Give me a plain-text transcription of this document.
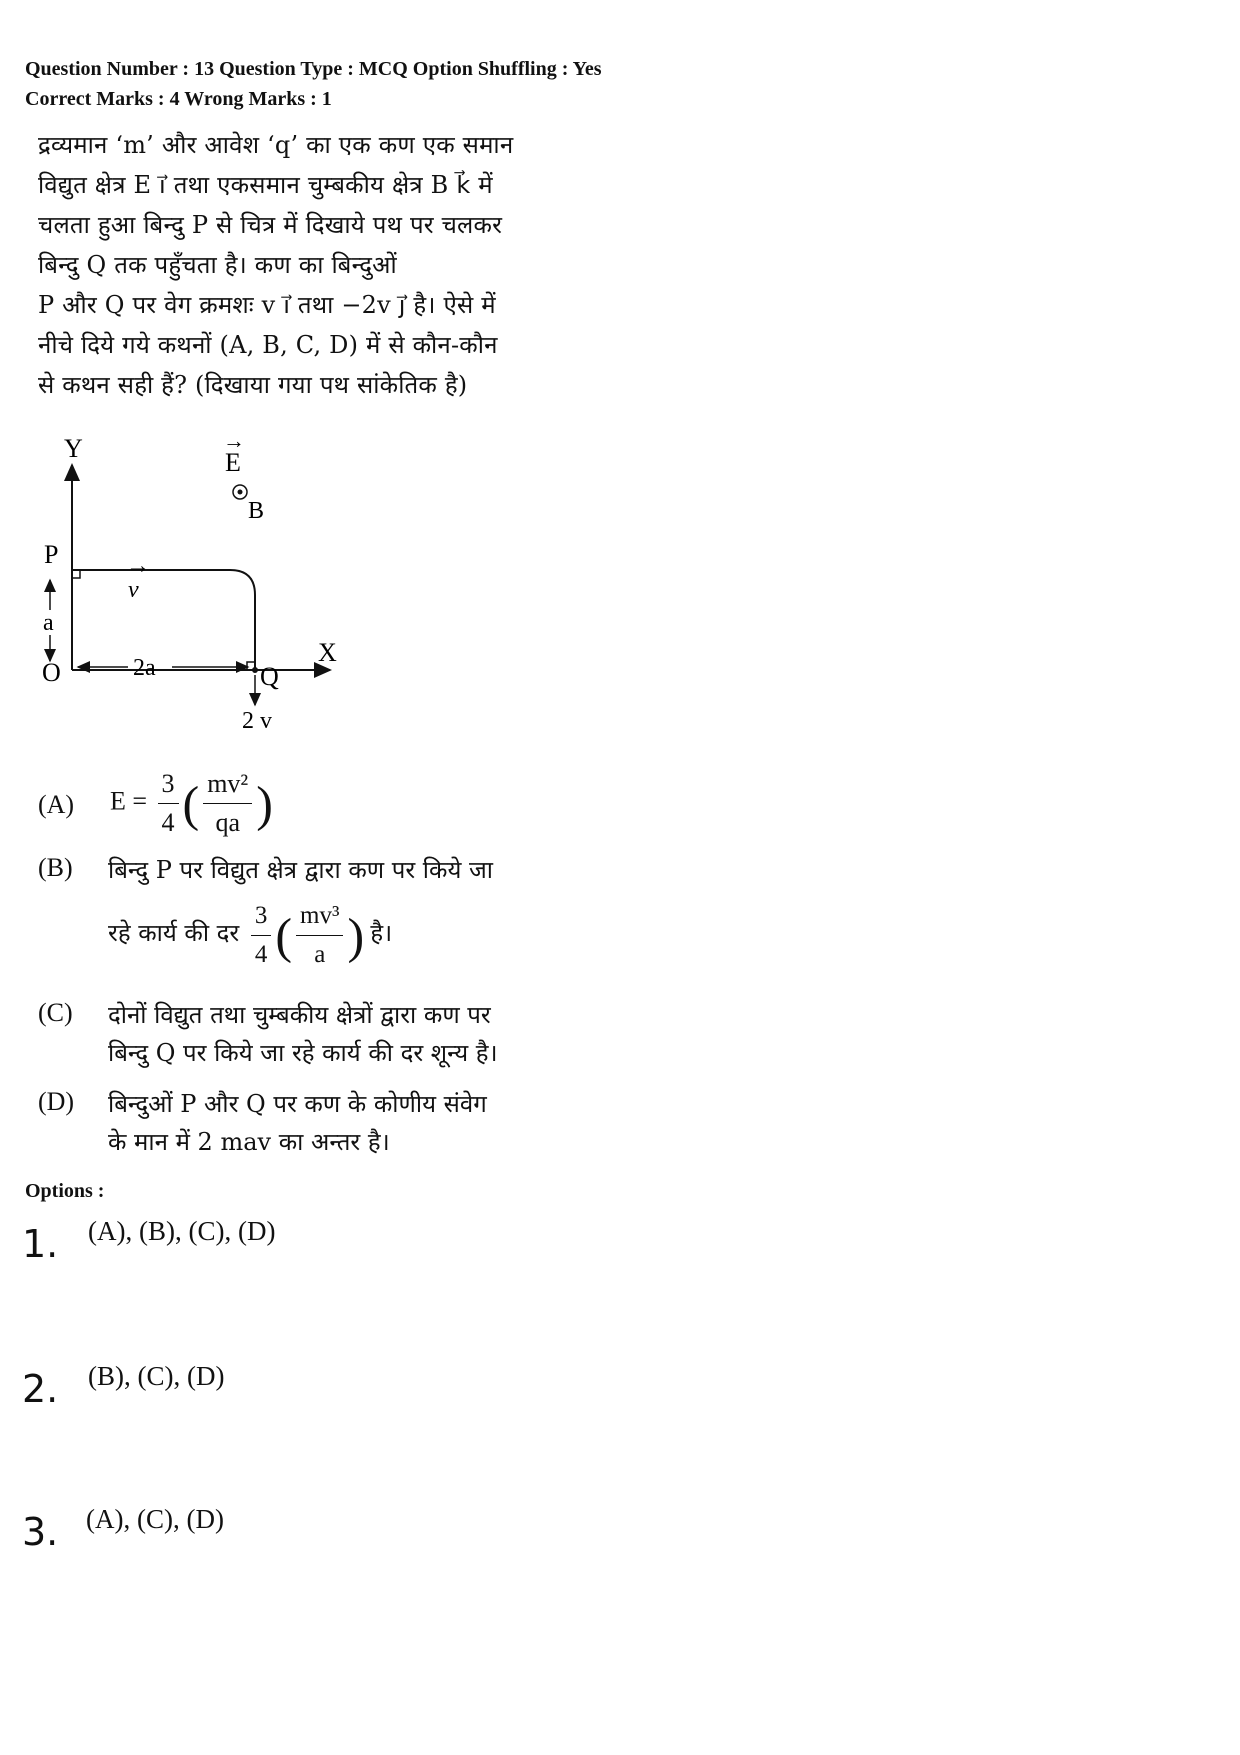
Question Number : 13 Question Type : MCQ Option Shuffling : Yes
Correct Marks : 4 Wrong Marks : 1
द्रव्यमान ‘m’ और आवेश ‘q’ का एक कण एक समान
विद्युत क्षेत्र E i⃗ तथा एकसमान चुम्बकीय क्षेत्र B k⃗ में
चलता हुआ बिन्दु P से चित्र में दिखाये पथ पर चलकर
बिन्दु Q तक पहुँचता है। कण का बिन्दुओं
P और Q पर वेग क्रमशः v i⃗ तथा −2v j⃗ है। ऐसे में
नीचे दिये गये कथनों (A, B, C, D) में से कौन-कौन
से कथन सही हैं? (दिखाया गया पथ सांकेतिक है)
Y
X
P
O	Q
a
2a
→
v
2 v
→
E
B
(A) $E = \frac{3}{4}$ ( $\frac{\text{mv²}}{qa}$ )
(B) बिन्दु P पर विद्युत क्षेत्र द्वारा कण पर किये जा
रहे कार्य की दर $\frac{3}{4}$ ( $\frac{\text{mv³}}{a}$ ) है।
(C) दोनों विद्युत तथा चुम्बकीय क्षेत्रों द्वारा कण पर
बिन्दु Q पर किये जा रहे कार्य की दर शून्य है।
(D) बिन्दुओं P और Q पर कण के कोणीय संवेग
के मान में 2 mav का अन्तर है।
Options :
1. (A), (B), (C), (D)
2. (B), (C), (D)
3. (A), (C), (D)
